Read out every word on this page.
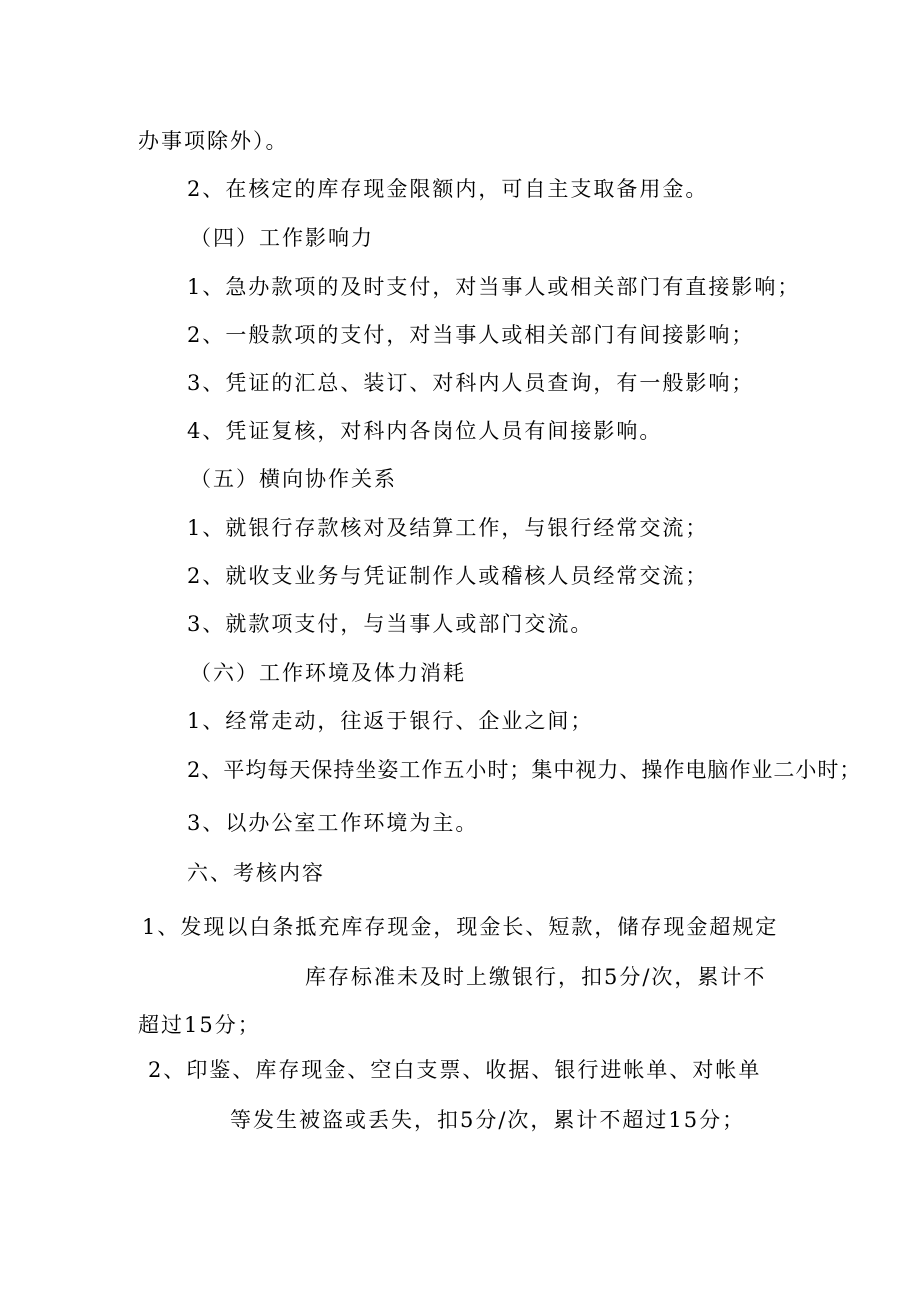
办事项除外）。
2、在核定的库存现金限额内，可自主支取备用金。
（四）工作影响力
1、急办款项的及时支付，对当事人或相关部门有直接影响；
2、一般款项的支付，对当事人或相关部门有间接影响；
3、凭证的汇总、装订、对科内人员查询，有一般影响；
4、凭证复核，对科内各岗位人员有间接影响。
（五）横向协作关系
1、就银行存款核对及结算工作，与银行经常交流；
2、就收支业务与凭证制作人或稽核人员经常交流；
3、就款项支付，与当事人或部门交流。
（六）工作环境及体力消耗
1、经常走动，往返于银行、企业之间；
2、平均每天保持坐姿工作五小时；集中视力、操作电脑作业二小时；
3、以办公室工作环境为主。
六、考核内容
1、发现以白条抵充库存现金，现金长、短款，储存现金超规定
库存标准未及时上缴银行，扣5分/次，累计不
超过15分；
2、印鉴、库存现金、空白支票、收据、银行进帐单、对帐单
等发生被盗或丢失，扣5分/次，累计不超过15分；
